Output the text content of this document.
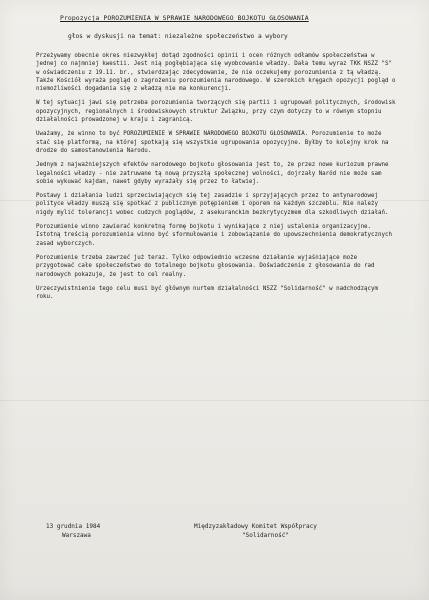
Propozycja POROZUMIENIA W SPRAWIE NARODOWEGO BOJKOTU GŁOSOWANIA
głos w dyskusji na temat: niezależne społeczeństwo a wybory

Przeżywamy obecnie okres niezwykłej dotąd zgodności opinii i ocen różnych odłamów społeczeństwa w jednej co najmniej kwestii. Jest nią pogłębiająca się wyobcowanie władzy. Dała temu wyraz TKK NSZZ "S" w oświadczeniu z 19.11. br., stwierdzając zdecydowanie, że nie oczekujemy porozumienia z tą władzą. Także Kościół wyraża pogląd o zagrożeniu porozumienia narodowego. W szerokich kręgach opozycji pogląd o niemożliwości dogadania się z władzą nie ma konkurencji.

W tej sytuacji jawi się potrzeba porozumienia tworzących się partii i ugrupowań politycznych, środowisk opozycyjnych, regionalnych i środowiskowych struktur Związku, przy czym dotyczy to w równym stopniu działalności prowadzonej w kraju i zagranicą.

Uważamy, że winno to być POROZUMIENIE W SPRAWIE NARODOWEGO BOJKOTU GŁOSOWANIA. Porozumienie to może stać się platformą, na której spotkają się wszystkie ugrupowania opozycyjne. Byłby to kolejny krok na drodze do samostanowienia Narodu.

Jednym z najważniejszych efektów narodowego bojkotu głosowania jest to, że przez nowe kuriozum prawne legalności władzy - nie zatruwane tą nową przyszłą społecznej wolności, dojrzały Naród nie może sam sobie wykuwać kajdan, nawet gdyby wyrażały się przez to łatwiej.

Postawy i działania ludzi sprzeciwiających się tej zasadzie i sprzyjających przez to antynarodowej polityce władzy muszą się spotkać z publicznym potępieniem i oporem na każdym szczeblu. Nie należy nigdy mylić tolerancji wobec cudzych poglądów, z asekuranckim bezkrytycyzmem dla szkodliwych działań.

Porozumienie winno zawierać konkretną formę bojkotu i wynikające z niej ustalenia organizacyjne. Istotną treścią porozumienia winno być sformułowanie i zobowiązanie do upowszechnienia demokratycznych zasad wyborczych.

Porozumienie trzeba zawrzeć już teraz. Tylko odpowiednio wczesne działanie wyjaśniające może przygotować całe społeczeństwo do totalnego bojkotu głosowania. Doświadczenie z głosowania do rad narodowych pokazuje, że jest to cel realny.

Urzeczywistnienie tego celu musi być głównym nurtem działalności NSZZ "Solidarność" w nadchodzącym roku.

13 grudnia 1984
Warszawa
Międzyzakładowy Komitet Współpracy
"Solidarność"
